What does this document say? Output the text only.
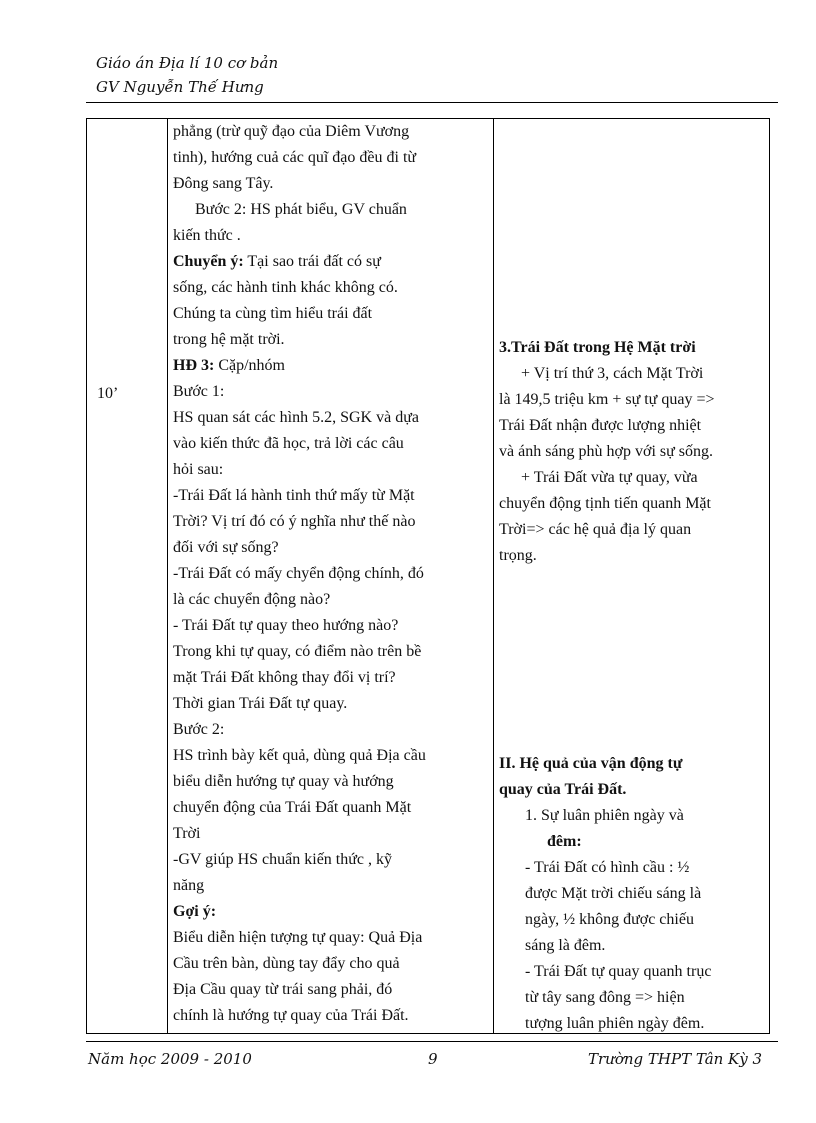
Giáo án Địa lí 10 cơ bản
GV Nguyễn Thế Hưng
10’

phẳng (trừ quỹ đạo của Diêm Vương

tinh), hướng cuả các quĩ đạo đều đi từ

Đông sang Tây.

Bước 2: HS phát biểu, GV chuẩn

kiến thức .

Chuyển ý: Tại sao trái đất có sự

sống, các hành tinh khác không có.

Chúng ta cùng tìm hiểu trái đất

trong hệ mặt trời.

HĐ 3: Cặp/nhóm

Bước 1:

HS quan sát các hình 5.2, SGK và dựa

vào kiến thức đã học, trả lời các câu

hỏi sau:

-Trái Đất lá hành tinh thứ mấy từ Mặt

Trời? Vị trí đó có ý nghĩa như thế nào

đối với sự sống?

-Trái Đất có mấy chyển động chính, đó

là các chuyển động nào?

- Trái Đất tự quay theo hướng nào?

Trong khi tự quay, có điểm nào trên bề

mặt Trái Đất không thay đổi vị trí?

Thời gian Trái Đất tự quay.

Bước 2:

HS trình bày kết quả, dùng quả Địa cầu

biểu diễn hướng tự quay và hướng

chuyển động của Trái Đất quanh Mặt

Trời

-GV giúp HS chuẩn kiến thức , kỹ

năng

Gợi ý:

Biểu diễn hiện tượng tự quay: Quả Địa

Cầu trên bàn, dùng tay đẩy cho quả

Địa Cầu quay từ trái sang phải, đó

chính là hướng tự quay của Trái Đất.

3.Trái Đất trong Hệ Mặt trời

+ Vị trí thứ 3, cách Mặt Trời

là 149,5 triệu km + sự tự quay =>

Trái Đất nhận được lượng nhiệt

và ánh sáng phù hợp với sự sống.

+ Trái Đất vừa tự quay, vừa

chuyển động tịnh tiến quanh Mặt

Trời=> các hệ quả địa lý quan

trọng.

II. Hệ quả của vận động tự

quay của Trái Đất.

1. Sự luân phiên ngày và

đêm:

- Trái Đất có hình cầu : ½

được Mặt trời chiếu sáng là

ngày, ½ không được chiếu

sáng là đêm.

- Trái Đất tự quay quanh trục

từ tây sang đông => hiện

tượng luân phiên ngày đêm.

Năm học 2009 - 2010	9	Trường THPT Tân Kỳ 3
